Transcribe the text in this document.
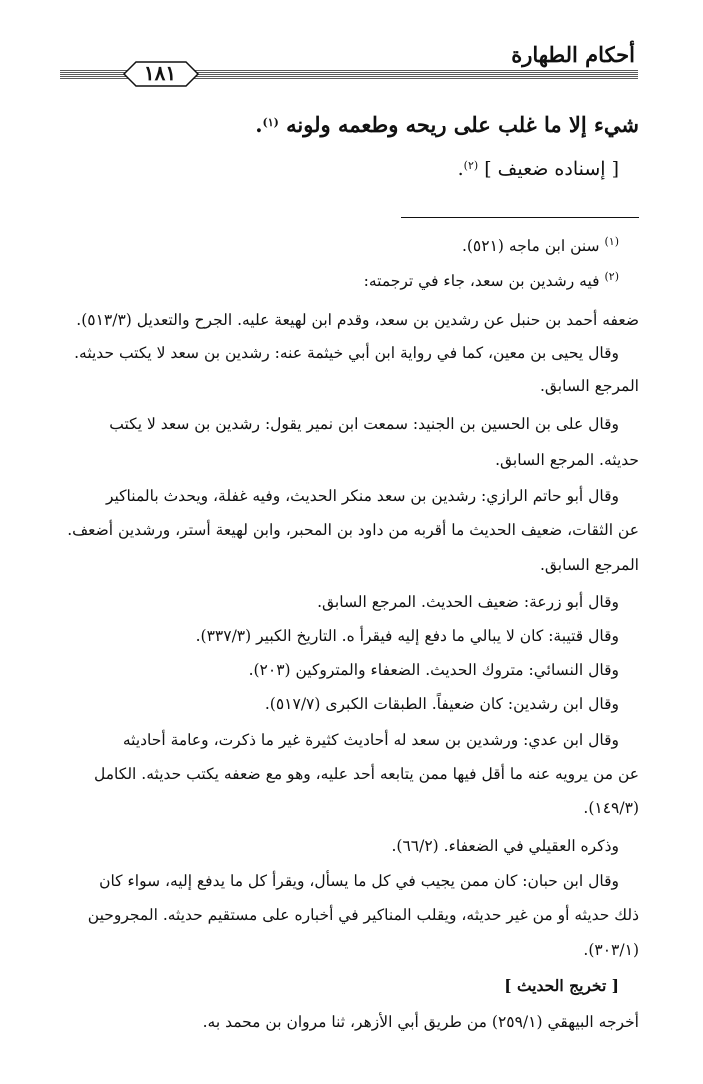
أحكام الطهارة
١٨١
شيء إلا ما غلب على ريحه وطعمه ولونه $^{(١)}$.
[ إسناده ضعيف ] $^{(٢)}$.
$^{(١)}$ سنن ابن ماجه (٥٢١).
$^{(٢)}$ فيه رشدين بن سعد، جاء في ترجمته:
ضعفه أحمد بن حنبل عن رشدين بن سعد، وقدم ابن لهيعة عليه. الجرح والتعديل (٥١٣/٣).
وقال يحيى بن معين، كما في رواية ابن أبي خيثمة عنه: رشدين بن سعد لا يكتب حديثه.
المرجع السابق.
وقال على بن الحسين بن الجنيد: سمعت ابن نمير يقول: رشدين بن سعد لا يكتب
حديثه. المرجع السابق.
وقال أبو حاتم الرازي: رشدين بن سعد منكر الحديث، وفيه غفلة، ويحدث بالمناكير
عن الثقات، ضعيف الحديث ما أقربه من داود بن المحبر، وابن لهيعة أستر، ورشدين أضعف.
المرجع السابق.
وقال أبو زرعة: ضعيف الحديث. المرجع السابق.
وقال قتيبة: كان لا يبالي ما دفع إليه فيقرأ ه. التاريخ الكبير (٣٣٧/٣).
وقال النسائي: متروك الحديث. الضعفاء والمتروكين (٢٠٣).
وقال ابن رشدين: كان ضعيفاً. الطبقات الكبرى (٥١٧/٧).
وقال ابن عدي: ورشدين بن سعد له أحاديث كثيرة غير ما ذكرت، وعامة أحاديثه
عن من يرويه عنه ما أقل فيها ممن يتابعه أحد عليه، وهو مع ضعفه يكتب حديثه. الكامل
(١٤٩/٣).
وذكره العقيلي في الضعفاء. (٦٦/٢).
وقال ابن حبان: كان ممن يجيب في كل ما يسأل، ويقرأ كل ما يدفع إليه، سواء كان
ذلك حديثه أو من غير حديثه، ويقلب المناكير في أخباره على مستقيم حديثه. المجروحين
(٣٠٣/١).
[ تخريج الحديث ]
أخرجه البيهقي (٢٥٩/١) من طريق أبي الأزهر، ثنا مروان بن محمد به.
